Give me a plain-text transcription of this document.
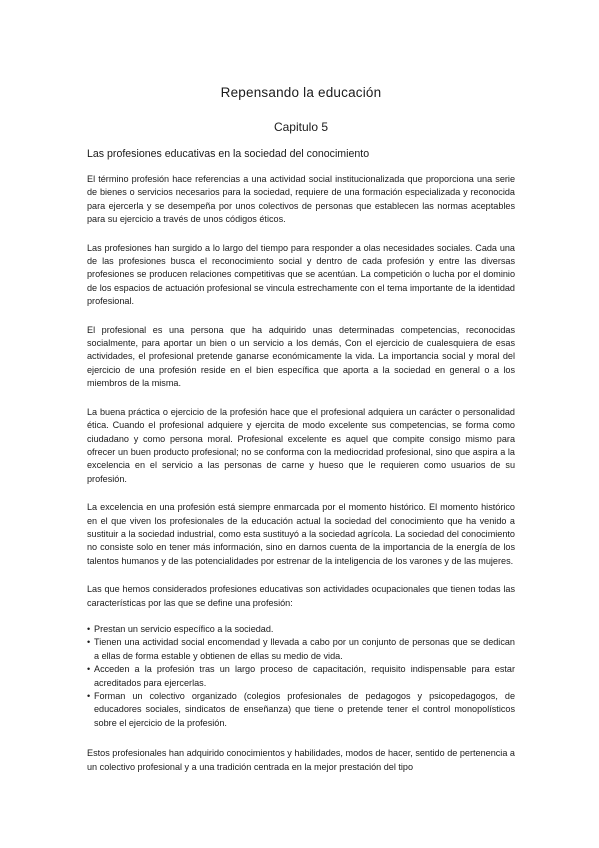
Repensando la educación
Capitulo 5
Las profesiones educativas en la sociedad del conocimiento

El término profesión hace referencias a una actividad social institucionalizada que proporciona una serie de bienes o servicios necesarios para la sociedad, requiere de una formación especializada y reconocida para ejercerla y se desempeña por unos colectivos de personas que establecen las normas aceptables para su ejercicio a través de unos códigos éticos.

Las profesiones han surgido a lo largo del tiempo para responder a olas necesidades sociales. Cada una de las profesiones busca el reconocimiento social y dentro de cada profesión y entre las diversas profesiones se producen relaciones competitivas que se acentúan. La competición o lucha por el dominio de los espacios de actuación profesional se vincula estrechamente con el tema importante de la identidad profesional.

El profesional es una persona que ha adquirido unas determinadas competencias, reconocidas socialmente, para aportar un bien o un servicio a los demás, Con el ejercicio de cualesquiera de esas actividades, el profesional pretende ganarse económicamente la vida. La importancia social y moral del ejercicio de una profesión reside en el bien específica que aporta a la sociedad en general o a los miembros de la misma.

La buena práctica o ejercicio de la profesión hace que el profesional adquiera un carácter o personalidad ética. Cuando el profesional adquiere y ejercita de modo excelente sus competencias, se forma como ciudadano y como persona moral. Profesional excelente es aquel que compite consigo mismo para ofrecer un buen producto profesional; no se conforma con la mediocridad profesional, sino que aspira a la excelencia en el servicio a las personas de carne y hueso que le requieren como usuarios de su profesión.

La excelencia en una profesión está siempre enmarcada por el momento histórico. El momento histórico en el que viven los profesionales de la educación actual la sociedad del conocimiento que ha venido a sustituir a la sociedad industrial, como esta sustituyó a la sociedad agrícola. La sociedad del conocimiento no consiste solo en tener más información, sino en darnos cuenta de la importancia de la energía de los talentos humanos y de las potencialidades por estrenar de la inteligencia de los varones y de las mujeres.

Las que hemos considerados profesiones educativas son actividades ocupacionales que tienen todas las características por las que se define una profesión:

• Prestan un servicio específico a la sociedad.
• Tienen una actividad social encomendad y llevada a cabo por un conjunto de personas que se dedican a ellas de forma estable y obtienen de ellas su medio de vida.
• Acceden a la profesión tras un largo proceso de capacitación, requisito indispensable para estar acreditados para ejercerlas.
• Forman un colectivo organizado (colegios profesionales de pedagogos y psicopedagogos, de educadores sociales, sindicatos de enseñanza) que tiene o pretende tener el control monopolísticos sobre el ejercicio de la profesión.

Estos profesionales han adquirido conocimientos y habilidades, modos de hacer, sentido de pertenencia a un colectivo profesional y a una tradición centrada en la mejor prestación del tipo
